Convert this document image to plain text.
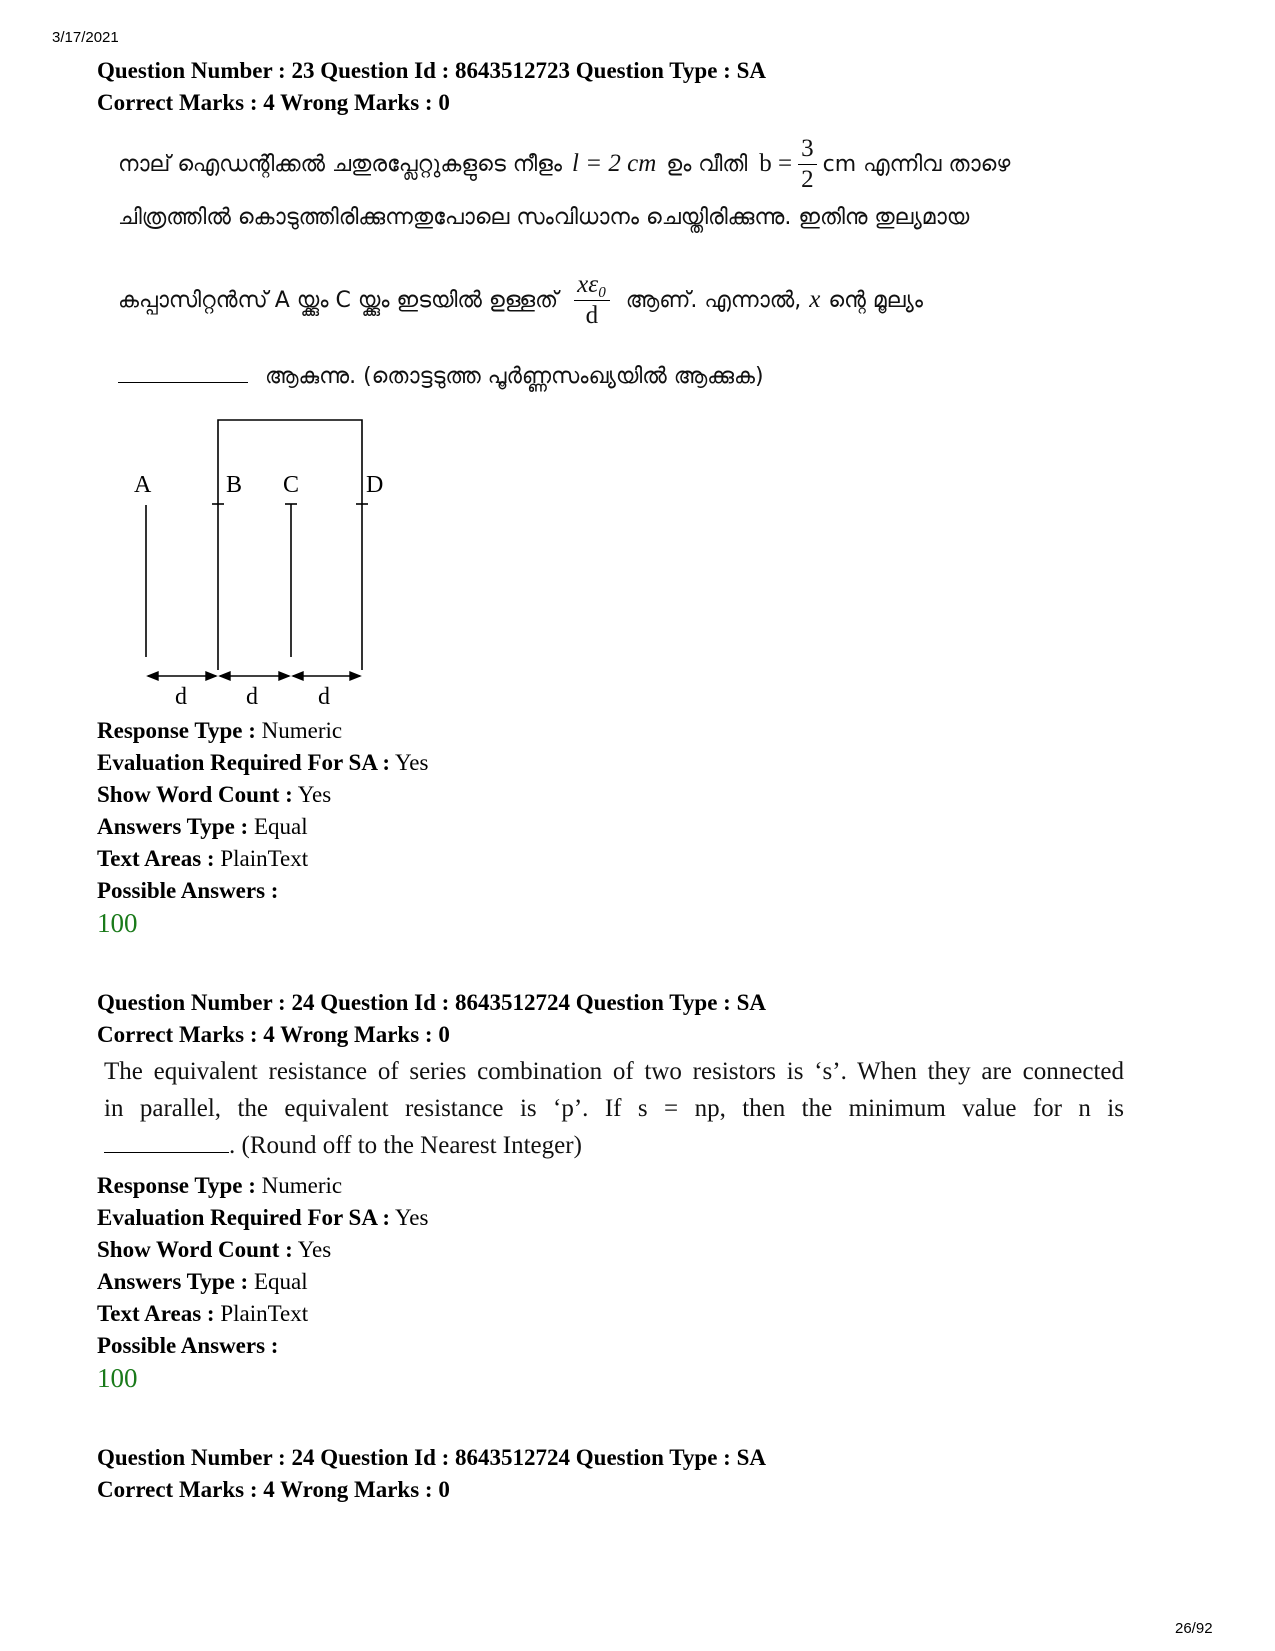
3/17/2021
26/92
Question Number : 23 Question Id : 8643512723 Question Type : SA
Correct Marks : 4 Wrong Marks : 0
നാല് ഐഡന്റിക്കൽ ചതുരപ്ലേറ്റുകളുടെ നീളം l = 2 cm ഉം വീതി $b = \frac{3}{2}$ cm എന്നിവ താഴെ
ചിത്രത്തിൽ കൊടുത്തിരിക്കുന്നതുപോലെ സംവിധാനം ചെയ്തിരിക്കുന്നു. ഇതിനു തുല്യമായ
കപ്പാസിറ്റൻസ് A യ്ക്കും C യ്ക്കും ഇടയിൽ ഉള്ളത് $\frac{\text{xε₀}}{d}$ ആണ്. എന്നാൽ, x ന്റെ മൂല്യം
ആകുന്നു. (തൊട്ടടുത്ത പൂർണ്ണസംഖ്യയിൽ ആക്കുക)
A	B C	D
d d	d
Response Type : Numeric
Evaluation Required For SA : Yes
Show Word Count : Yes
Answers Type : Equal
Text Areas : PlainText
Possible Answers :
100
Question Number : 24 Question Id : 8643512724 Question Type : SA
Correct Marks : 4 Wrong Marks : 0
The equivalent resistance of series combination of two resistors is ‘s’. When they are connected
in parallel, the equivalent resistance is ‘p’. If s = np, then the minimum value for n is
. (Round off to the Nearest Integer)
Response Type : Numeric
Evaluation Required For SA : Yes
Show Word Count : Yes
Answers Type : Equal
Text Areas : PlainText
Possible Answers :
100
Question Number : 24 Question Id : 8643512724 Question Type : SA
Correct Marks : 4 Wrong Marks : 0
